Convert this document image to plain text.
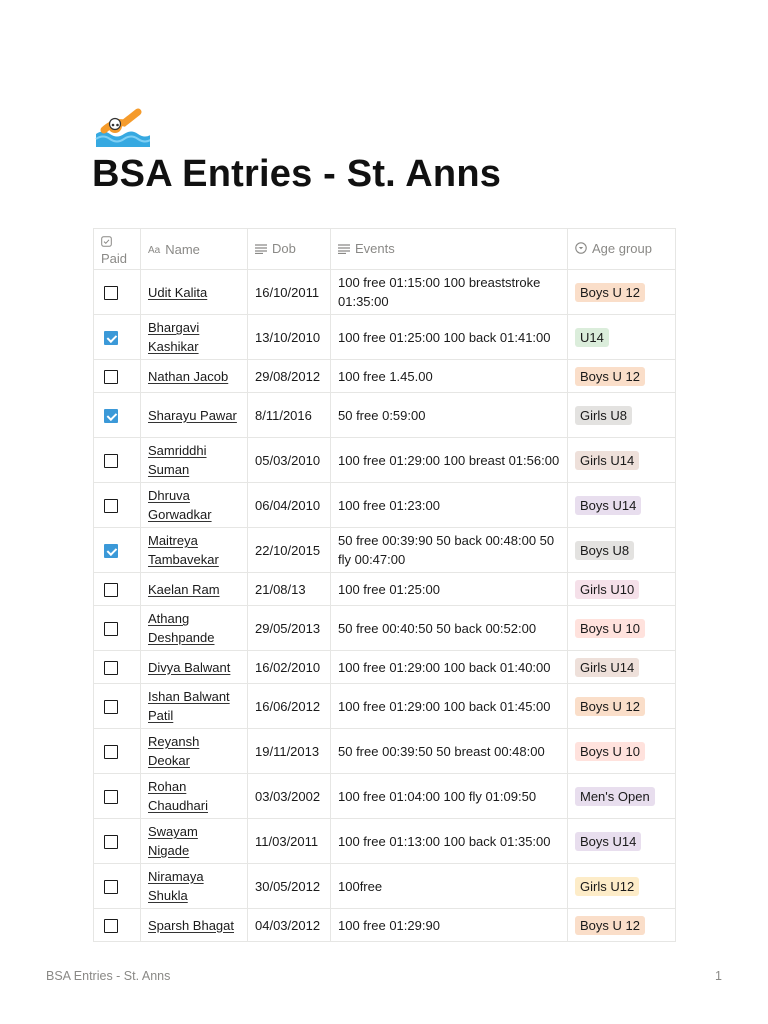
BSA Entries - St. Anns
Paid	Aa Name	Dob	Events	Age group
	Udit Kalita	16/10/2011	100 free 01:15:00 100 breaststroke 01:35:00	Boys U 12
	Bhargavi Kashikar	13/10/2010	100 free 01:25:00 100 back 01:41:00	U14
	Nathan Jacob	29/08/2012	100 free 1.45.00	Boys U 12
	Sharayu Pawar	8/11/2016	50 free 0:59:00	Girls U8
	Samriddhi Suman	05/03/2010	100 free 01:29:00 100 breast 01:56:00	Girls U14
	Dhruva Gorwadkar	06/04/2010	100 free 01:23:00	Boys U14
	Maitreya Tambavekar	22/10/2015	50 free 00:39:90 50 back 00:48:00 50 fly 00:47:00	Boys U8
	Kaelan Ram	21/08/13	100 free 01:25:00	Girls U10
	Athang Deshpande	29/05/2013	50 free 00:40:50 50 back 00:52:00	Boys U 10
	Divya Balwant	16/02/2010	100 free 01:29:00 100 back 01:40:00	Girls U14
	Ishan Balwant Patil	16/06/2012	100 free 01:29:00 100 back 01:45:00	Boys U 12
	Reyansh Deokar	19/11/2013	50 free 00:39:50 50 breast 00:48:00	Boys U 10
	Rohan Chaudhari	03/03/2002	100 free 01:04:00 100 fly 01:09:50	Men's Open
	Swayam Nigade	11/03/2011	100 free 01:13:00 100 back 01:35:00	Boys U14
	Niramaya Shukla	30/05/2012	100free	Girls U12
	Sparsh Bhagat	04/03/2012	100 free 01:29:90	Boys U 12
BSA Entries - St. Anns	1
